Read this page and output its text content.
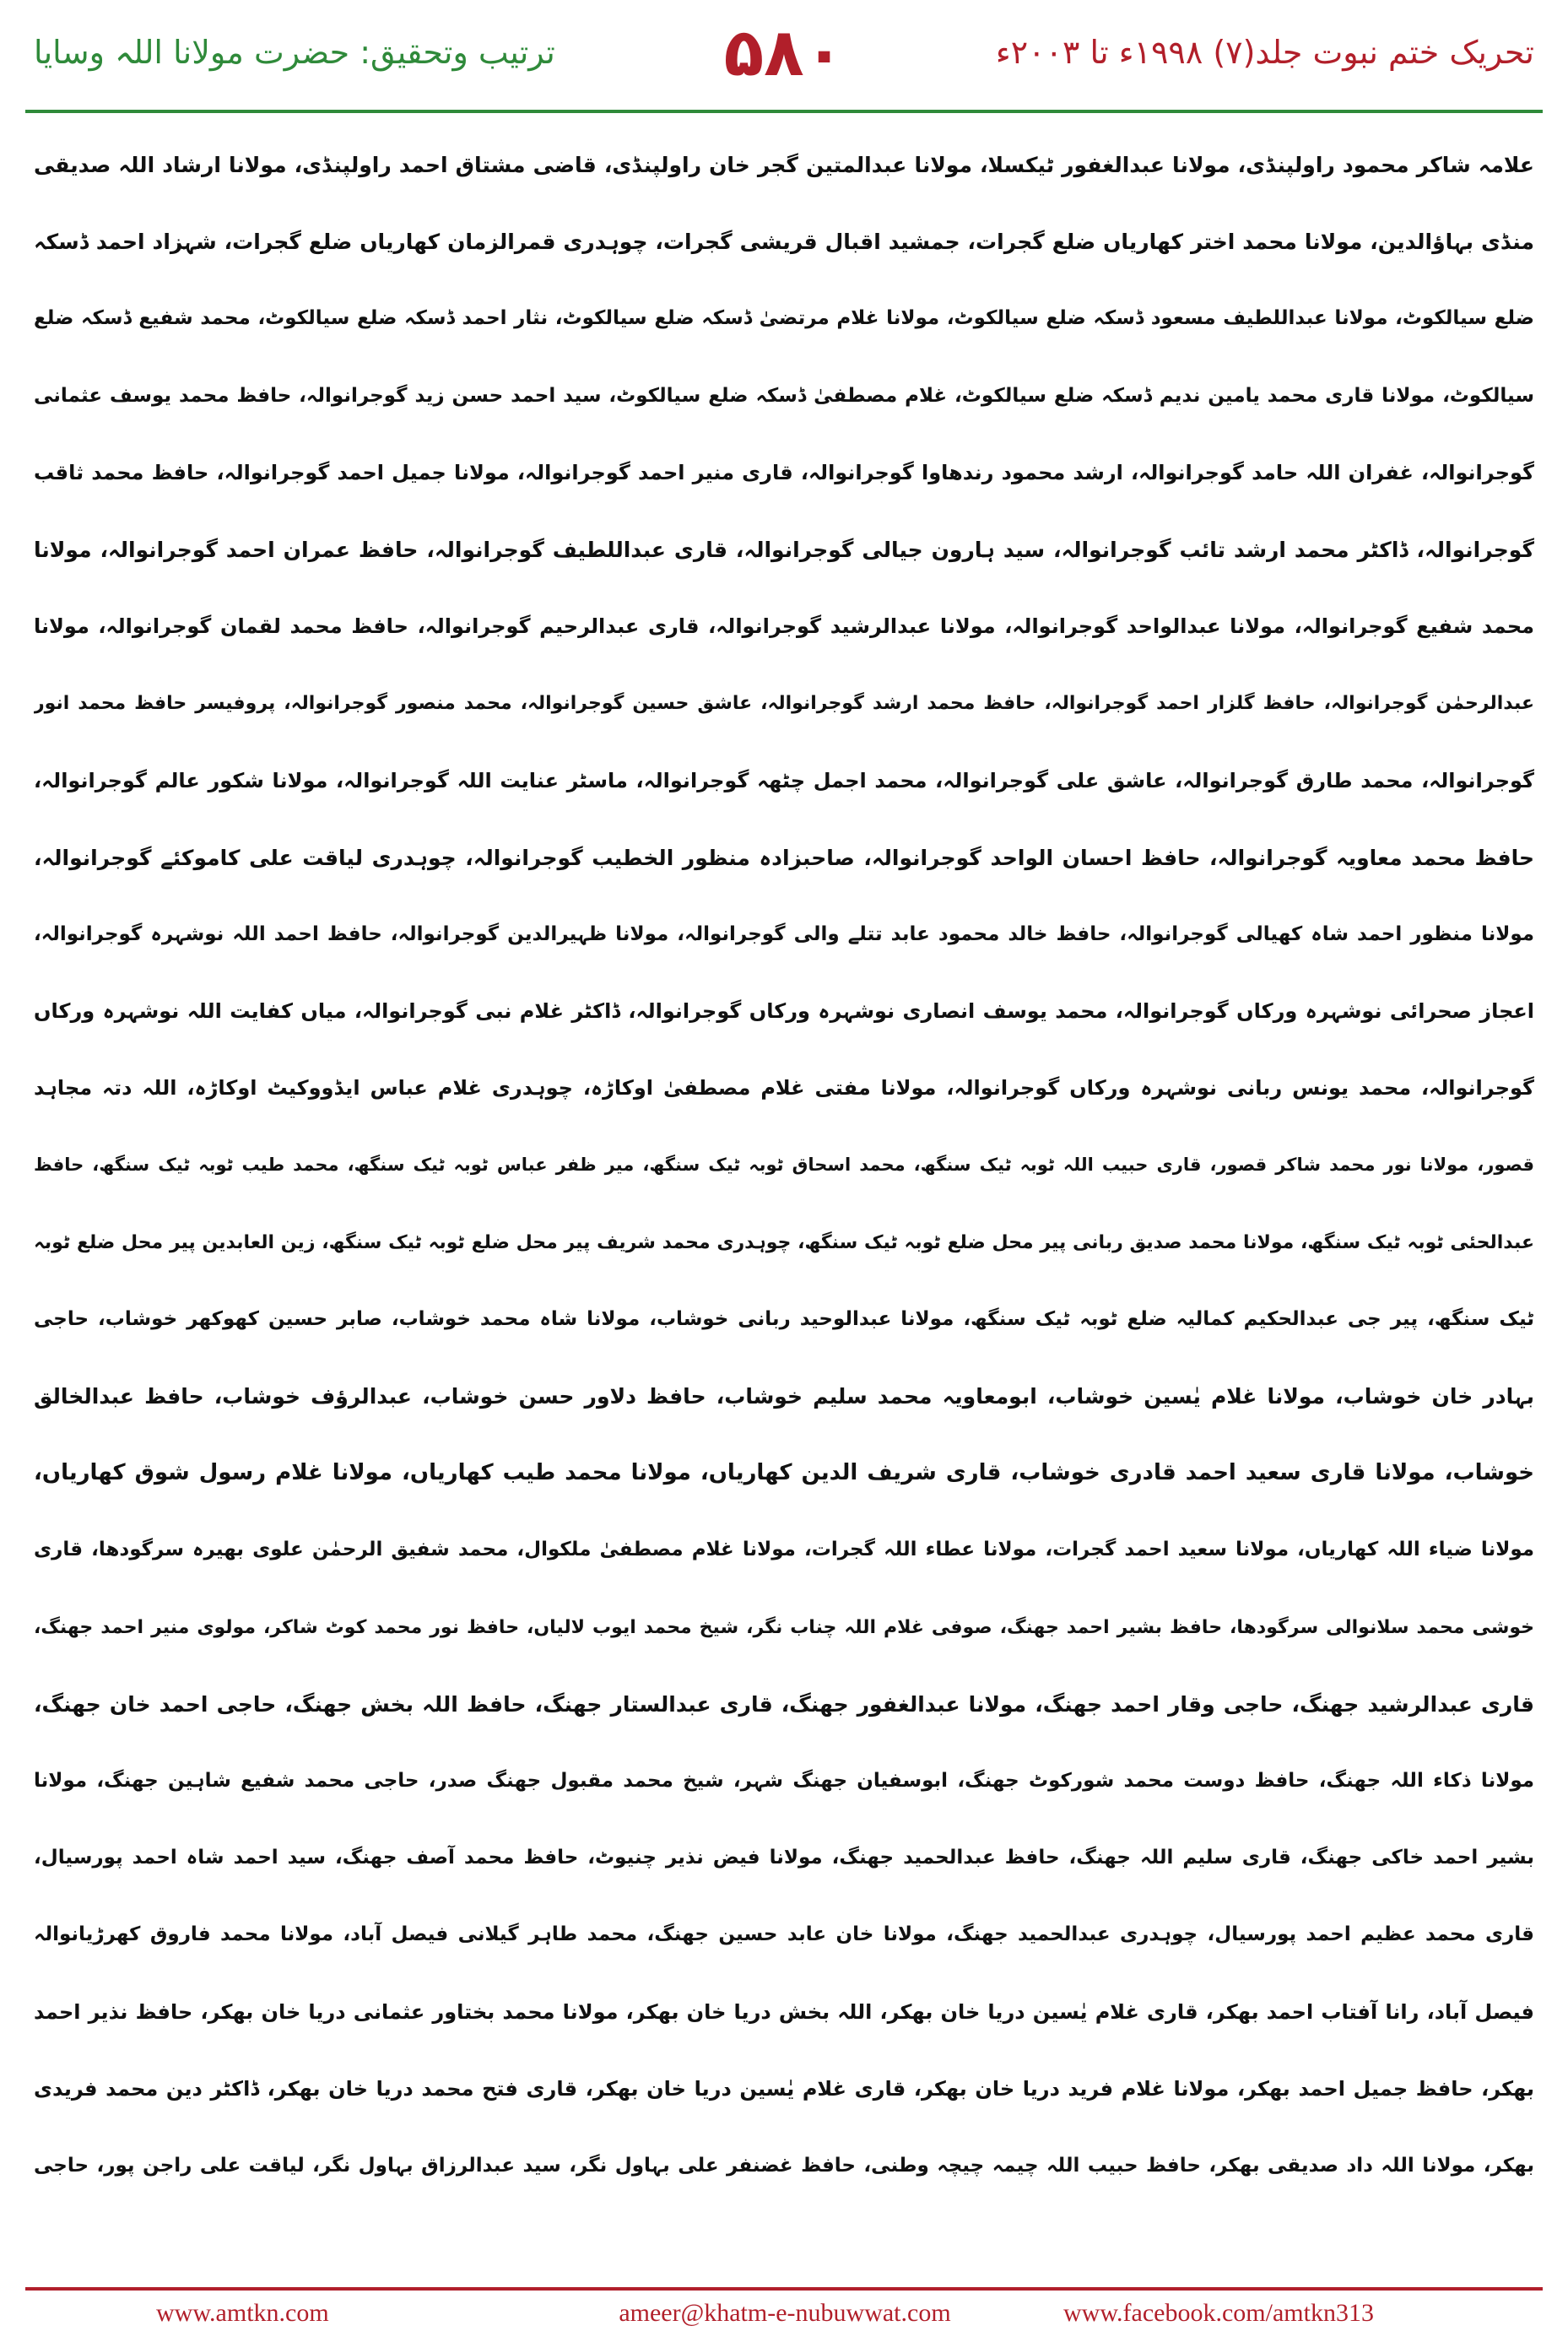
ترتیب وتحقیق: حضرت مولانا اللہ وسایا	۵۸۰	تحریک ختم نبوت جلد(۷) ۱۹۹۸ء تا ۲۰۰۳ء
علامہ شاکر محمود راولپنڈی، مولانا عبدالغفور ٹیکسلا، مولانا عبدالمتین گجر خان راولپنڈی، قاضی مشتاق احمد راولپنڈی، مولانا ارشاد اللہ صدیقی
منڈی بہاؤالدین، مولانا محمد اختر کھاریاں ضلع گجرات، جمشید اقبال قریشی گجرات، چوہدری قمرالزمان کھاریاں ضلع گجرات، شہزاد احمد ڈسکہ
ضلع سیالکوٹ، مولانا عبداللطیف مسعود ڈسکہ ضلع سیالکوٹ، مولانا غلام مرتضیٰ ڈسکہ ضلع سیالکوٹ، نثار احمد ڈسکہ ضلع سیالکوٹ، محمد شفیع ڈسکہ ضلع
سیالکوٹ، مولانا قاری محمد یامین ندیم ڈسکہ ضلع سیالکوٹ، غلام مصطفیٰ ڈسکہ ضلع سیالکوٹ، سید احمد حسن زید گوجرانوالہ، حافظ محمد یوسف عثمانی
گوجرانوالہ، غفران اللہ حامد گوجرانوالہ، ارشد محمود رندھاوا گوجرانوالہ، قاری منیر احمد گوجرانوالہ، مولانا جمیل احمد گوجرانوالہ، حافظ محمد ثاقب
گوجرانوالہ، ڈاکٹر محمد ارشد تائب گوجرانوالہ، سید ہارون جیالی گوجرانوالہ، قاری عبداللطیف گوجرانوالہ، حافظ عمران احمد گوجرانوالہ، مولانا
محمد شفیع گوجرانوالہ، مولانا عبدالواحد گوجرانوالہ، مولانا عبدالرشید گوجرانوالہ، قاری عبدالرحیم گوجرانوالہ، حافظ محمد لقمان گوجرانوالہ، مولانا
عبدالرحمٰن گوجرانوالہ، حافظ گلزار احمد گوجرانوالہ، حافظ محمد ارشد گوجرانوالہ، عاشق حسین گوجرانوالہ، محمد منصور گوجرانوالہ، پروفیسر حافظ محمد انور
گوجرانوالہ، محمد طارق گوجرانوالہ، عاشق علی گوجرانوالہ، محمد اجمل چٹھہ گوجرانوالہ، ماسٹر عنایت اللہ گوجرانوالہ، مولانا شکور عالم گوجرانوالہ،
حافظ محمد معاویہ گوجرانوالہ، حافظ احسان الواحد گوجرانوالہ، صاحبزادہ منظور الخطیب گوجرانوالہ، چوہدری لیاقت علی کاموکئے گوجرانوالہ،
مولانا منظور احمد شاہ کھیالی گوجرانوالہ، حافظ خالد محمود عابد تتلے والی گوجرانوالہ، مولانا ظہیرالدین گوجرانوالہ، حافظ احمد اللہ نوشہرہ گوجرانوالہ،
اعجاز صحرائی نوشہرہ ورکاں گوجرانوالہ، محمد یوسف انصاری نوشہرہ ورکاں گوجرانوالہ، ڈاکٹر غلام نبی گوجرانوالہ، میاں کفایت اللہ نوشہرہ ورکاں
گوجرانوالہ، محمد یونس ربانی نوشہرہ ورکاں گوجرانوالہ، مولانا مفتی غلام مصطفیٰ اوکاڑہ، چوہدری غلام عباس ایڈووکیٹ اوکاڑہ، اللہ دتہ مجاہد
قصور، مولانا نور محمد شاکر قصور، قاری حبیب اللہ ٹوبہ ٹیک سنگھ، محمد اسحاق ٹوبہ ٹیک سنگھ، میر ظفر عباس ٹوبہ ٹیک سنگھ، محمد طیب ٹوبہ ٹیک سنگھ، حافظ
عبدالحئی ٹوبہ ٹیک سنگھ، مولانا محمد صدیق ربانی پیر محل ضلع ٹوبہ ٹیک سنگھ، چوہدری محمد شریف پیر محل ضلع ٹوبہ ٹیک سنگھ، زین العابدین پیر محل ضلع ٹوبہ
ٹیک سنگھ، پیر جی عبدالحکیم کمالیہ ضلع ٹوبہ ٹیک سنگھ، مولانا عبدالوحید ربانی خوشاب، مولانا شاہ محمد خوشاب، صابر حسین کھوکھر خوشاب، حاجی
بہادر خان خوشاب، مولانا غلام یٰسین خوشاب، ابومعاویہ محمد سلیم خوشاب، حافظ دلاور حسن خوشاب، عبدالرؤف خوشاب، حافظ عبدالخالق
خوشاب، مولانا قاری سعید احمد قادری خوشاب، قاری شریف الدین کھاریاں، مولانا محمد طیب کھاریاں، مولانا غلام رسول شوق کھاریاں،
مولانا ضیاء اللہ کھاریاں، مولانا سعید احمد گجرات، مولانا عطاء اللہ گجرات، مولانا غلام مصطفیٰ ملکوال، محمد شفیق الرحمٰن علوی بھیرہ سرگودھا، قاری
خوشی محمد سلانوالی سرگودھا، حافظ بشیر احمد جھنگ، صوفی غلام اللہ چناب نگر، شیخ محمد ایوب لالیاں، حافظ نور محمد کوٹ شاکر، مولوی منیر احمد جھنگ،
قاری عبدالرشید جھنگ، حاجی وقار احمد جھنگ، مولانا عبدالغفور جھنگ، قاری عبدالستار جھنگ، حافظ اللہ بخش جھنگ، حاجی احمد خان جھنگ،
مولانا ذکاء اللہ جھنگ، حافظ دوست محمد شورکوٹ جھنگ، ابوسفیان جھنگ شہر، شیخ محمد مقبول جھنگ صدر، حاجی محمد شفیع شاہین جھنگ، مولانا
بشیر احمد خاکی جھنگ، قاری سلیم اللہ جھنگ، حافظ عبدالحمید جھنگ، مولانا فیض نذیر چنیوٹ، حافظ محمد آصف جھنگ، سید احمد شاہ احمد پورسیال،
قاری محمد عظیم احمد پورسیال، چوہدری عبدالحمید جھنگ، مولانا خان عابد حسین جھنگ، محمد طاہر گیلانی فیصل آباد، مولانا محمد فاروق کھرڑیانوالہ
فیصل آباد، رانا آفتاب احمد بھکر، قاری غلام یٰسین دریا خان بھکر، اللہ بخش دریا خان بھکر، مولانا محمد بختاور عثمانی دریا خان بھکر، حافظ نذیر احمد
بھکر، حافظ جمیل احمد بھکر، مولانا غلام فرید دریا خان بھکر، قاری غلام یٰسین دریا خان بھکر، قاری فتح محمد دریا خان بھکر، ڈاکٹر دین محمد فریدی
بھکر، مولانا اللہ داد صدیقی بھکر، حافظ حبیب اللہ چیمہ چیچہ وطنی، حافظ غضنفر علی بہاول نگر، سید عبدالرزاق بہاول نگر، لیاقت علی راجن پور، حاجی
www.amtkn.com	ameer@khatm-e-nubuwwat.com	www.facebook.com/amtkn313
